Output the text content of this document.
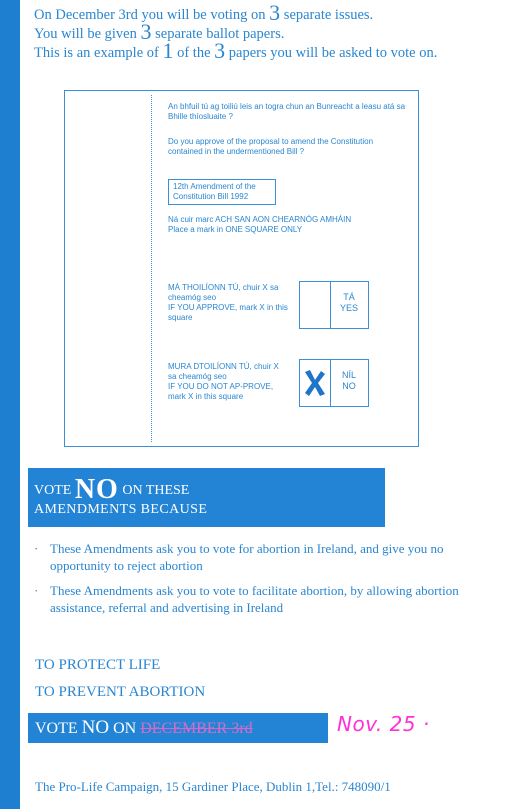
On December 3rd you will be voting on 3 separate issues.
You will be given 3 separate ballot papers.
This is an example of 1 of the 3 papers you will be asked to vote on.
An bhfuil tú ag toiliú leis an togra chun an Bunreacht a leasu atá sa Bhille thíosluaite ?
Do you approve of the proposal to amend the Constitution contained in the undermentioned Bill ?
12th Amendment of the Constitution Bill 1992
Ná cuir marc ACH SAN AON CHEARNÓG AMHÁIN
Place a mark in ONE SQUARE ONLY
MÁ THOILÍONN TÚ, chuir X sa cheamóg seo
IF YOU APPROVE, mark X in this square
TÁ
YES
MURA DTOILÍONN TÚ, chuir X sa cheamóg seo
IF YOU DO NOT AP-PROVE, mark X in this square
NÍL
NO
VOTE NO ON THESE
AMENDMENTS BECAUSE
· These Amendments ask you to vote for abortion in Ireland, and give you no opportunity to reject abortion
· These Amendments ask you to vote to facilitate abortion, by allowing abortion assistance, referral and advertising in Ireland
TO PROTECT LIFE
TO PREVENT ABORTION
VOTE NO ON DECEMBER 3rd	Nov. 25 ·
The Pro-Life Campaign, 15 Gardiner Place, Dublin 1,Tel.: 748090/1
